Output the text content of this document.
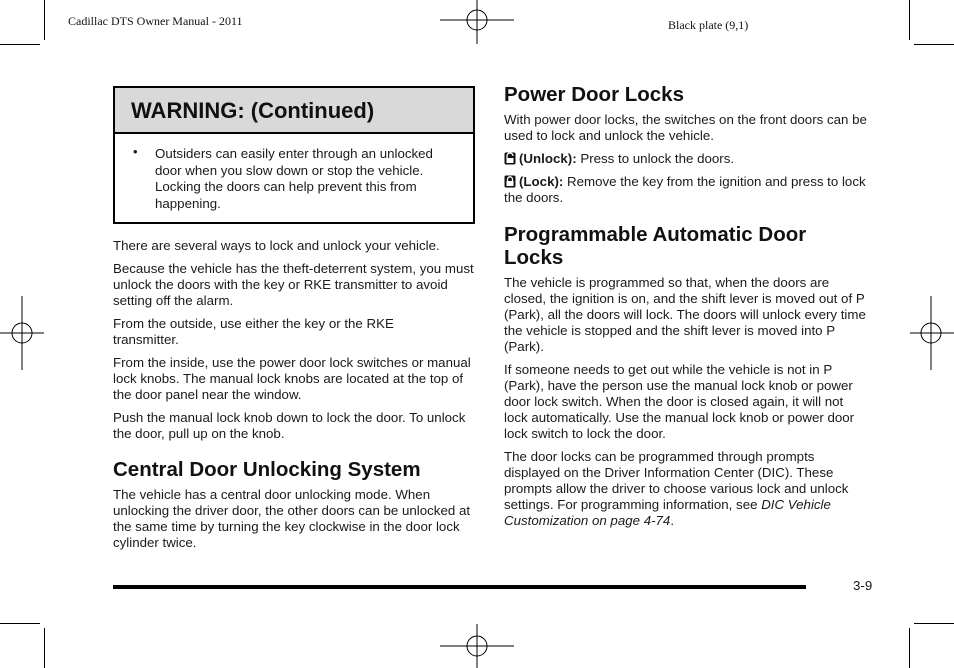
Cadillac DTS Owner Manual - 2011	Black plate (9,1)
WARNING: (Continued)
• Outsiders can easily enter through an unlocked door when you slow down or stop the vehicle. Locking the doors can help prevent this from happening.

There are several ways to lock and unlock your vehicle.

Because the vehicle has the theft-deterrent system, you must unlock the doors with the key or RKE transmitter to avoid setting off the alarm.

From the outside, use either the key or the RKE transmitter.

From the inside, use the power door lock switches or manual lock knobs. The manual lock knobs are located at the top of the door panel near the window.

Push the manual lock knob down to lock the door. To unlock the door, pull up on the knob.

Central Door Unlocking System

The vehicle has a central door unlocking mode. When unlocking the driver door, the other doors can be unlocked at the same time by turning the key clockwise in the door lock cylinder twice.

Power Door Locks

With power door locks, the switches on the front doors can be used to lock and unlock the vehicle.

(Unlock): Press to unlock the doors.

(Lock): Remove the key from the ignition and press to lock the doors.

Programmable Automatic Door Locks

The vehicle is programmed so that, when the doors are closed, the ignition is on, and the shift lever is moved out of P (Park), all the doors will lock. The doors will unlock every time the vehicle is stopped and the shift lever is moved into P (Park).

If someone needs to get out while the vehicle is not in P (Park), have the person use the manual lock knob or power door lock switch. When the door is closed again, it will not lock automatically. Use the manual lock knob or power door lock switch to lock the door.

The door locks can be programmed through prompts displayed on the Driver Information Center (DIC). These prompts allow the driver to choose various lock and unlock settings. For programming information, see DIC Vehicle Customization on page 4-74.

3-9
